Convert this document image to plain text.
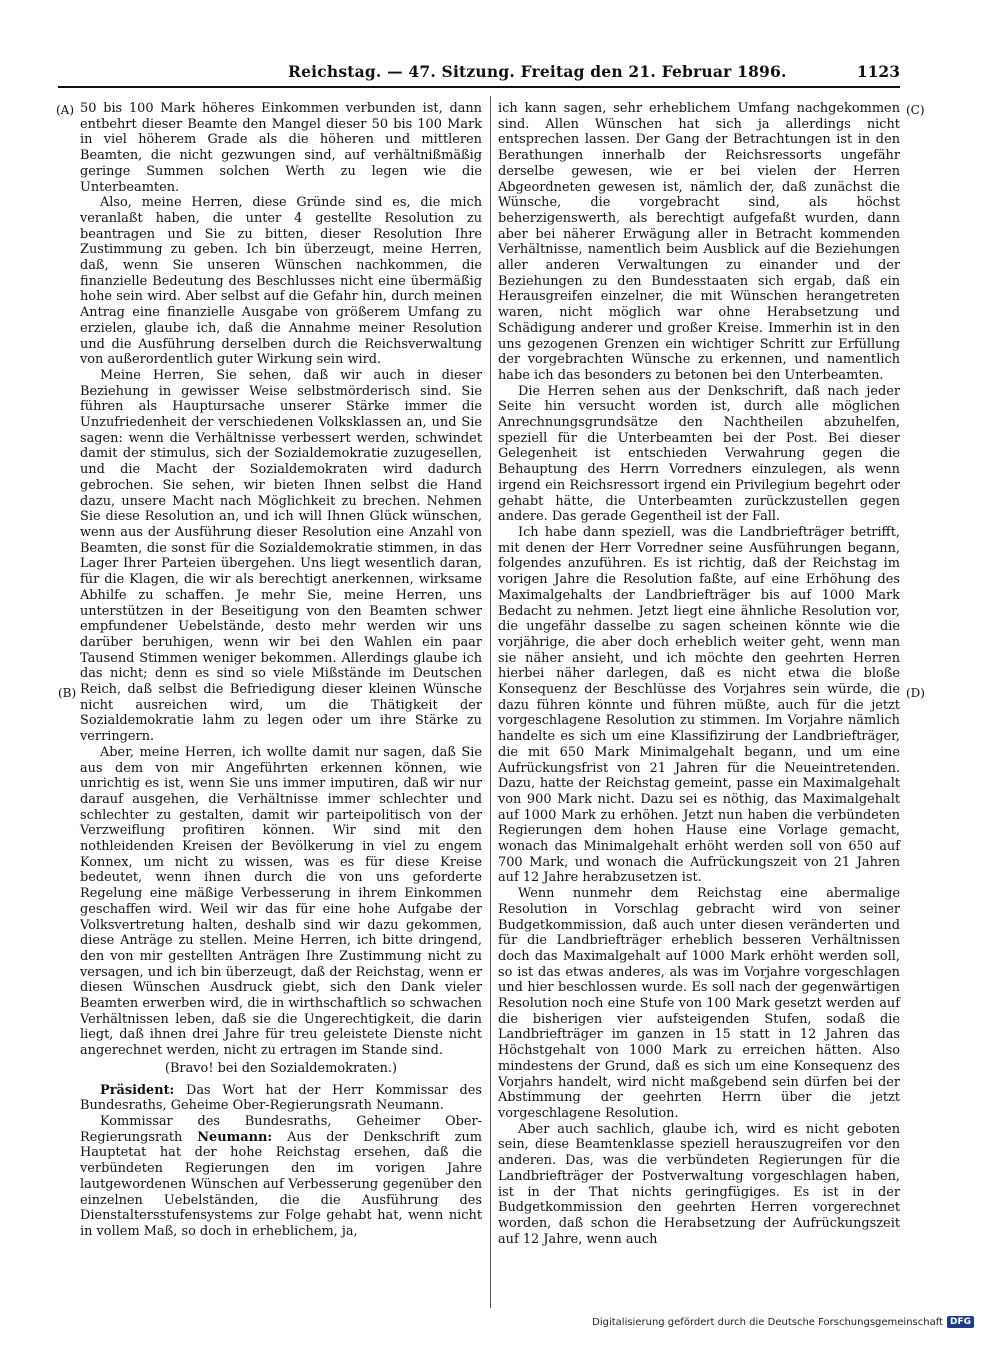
Reichstag. — 47. Sitzung. Freitag den 21. Februar 1896.	1123
(A)
(B)
(C)
(D)

50 bis 100 Mark höheres Einkommen verbunden ist, dann entbehrt dieser Beamte den Mangel dieser 50 bis 100 Mark in viel höherem Grade als die höheren und mittleren Beamten, die nicht gezwungen sind, auf verhältnißmäßig geringe Summen solchen Werth zu legen wie die Unterbeamten.

Also, meine Herren, diese Gründe sind es, die mich veranlaßt haben, die unter 4 gestellte Resolution zu beantragen und Sie zu bitten, dieser Resolution Ihre Zustimmung zu geben. Ich bin überzeugt, meine Herren, daß, wenn Sie unseren Wünschen nachkommen, die finanzielle Bedeutung des Beschlusses nicht eine übermäßig hohe sein wird. Aber selbst auf die Gefahr hin, durch meinen Antrag eine finanzielle Ausgabe von größerem Umfang zu erzielen, glaube ich, daß die Annahme meiner Resolution und die Ausführung derselben durch die Reichsverwaltung von außerordentlich guter Wirkung sein wird.

Meine Herren, Sie sehen, daß wir auch in dieser Beziehung in gewisser Weise selbstmörderisch sind. Sie führen als Hauptursache unserer Stärke immer die Unzufriedenheit der verschiedenen Volksklassen an, und Sie sagen: wenn die Verhältnisse verbessert werden, schwindet damit der stimulus, sich der Sozialdemokratie zuzugesellen, und die Macht der Sozialdemokraten wird dadurch gebrochen. Sie sehen, wir bieten Ihnen selbst die Hand dazu, unsere Macht nach Möglichkeit zu brechen. Nehmen Sie diese Resolution an, und ich will Ihnen Glück wünschen, wenn aus der Ausführung dieser Resolution eine Anzahl von Beamten, die sonst für die Sozialdemokratie stimmen, in das Lager Ihrer Parteien übergehen. Uns liegt wesentlich daran, für die Klagen, die wir als berechtigt anerkennen, wirksame Abhilfe zu schaffen. Je mehr Sie, meine Herren, uns unterstützen in der Beseitigung von den Beamten schwer empfundener Uebelstände, desto mehr werden wir uns darüber beruhigen, wenn wir bei den Wahlen ein paar Tausend Stimmen weniger bekommen. Allerdings glaube ich das nicht; denn es sind so viele Mißstände im Deutschen Reich, daß selbst die Befriedigung dieser kleinen Wünsche nicht ausreichen wird, um die Thätigkeit der Sozialdemokratie lahm zu legen oder um ihre Stärke zu verringern.

Aber, meine Herren, ich wollte damit nur sagen, daß Sie aus dem von mir Angeführten erkennen können, wie unrichtig es ist, wenn Sie uns immer imputiren, daß wir nur darauf ausgehen, die Verhältnisse immer schlechter und schlechter zu gestalten, damit wir parteipolitisch von der Verzweiflung profitiren können. Wir sind mit den nothleidenden Kreisen der Bevölkerung in viel zu engem Konnex, um nicht zu wissen, was es für diese Kreise bedeutet, wenn ihnen durch die von uns geforderte Regelung eine mäßige Verbesserung in ihrem Einkommen geschaffen wird. Weil wir das für eine hohe Aufgabe der Volksvertretung halten, deshalb sind wir dazu gekommen, diese Anträge zu stellen. Meine Herren, ich bitte dringend, den von mir gestellten Anträgen Ihre Zustimmung nicht zu versagen, und ich bin überzeugt, daß der Reichstag, wenn er diesen Wünschen Ausdruck giebt, sich den Dank vieler Beamten erwerben wird, die in wirthschaftlich so schwachen Verhältnissen leben, daß sie die Ungerechtigkeit, die darin liegt, daß ihnen drei Jahre für treu geleistete Dienste nicht angerechnet werden, nicht zu ertragen im Stande sind.

(Bravo! bei den Sozialdemokraten.)

Präsident: Das Wort hat der Herr Kommissar des Bundesraths, Geheime Ober-Regierungsrath Neumann.

Kommissar des Bundesraths, Geheimer Ober-Regierungsrath Neumann: Aus der Denkschrift zum Hauptetat hat der hohe Reichstag ersehen, daß die verbündeten Regierungen den im vorigen Jahre lautgewordenen Wünschen auf Verbesserung gegenüber den einzelnen Uebelständen, die die Ausführung des Dienstaltersstufensystems zur Folge gehabt hat, wenn nicht in vollem Maß, so doch in erheblichem, ja,

ich kann sagen, sehr erheblichem Umfang nachgekommen sind. Allen Wünschen hat sich ja allerdings nicht entsprechen lassen. Der Gang der Betrachtungen ist in den Berathungen innerhalb der Reichsressorts ungefähr derselbe gewesen, wie er bei vielen der Herren Abgeordneten gewesen ist, nämlich der, daß zunächst die Wünsche, die vorgebracht sind, als höchst beherzigenswerth, als berechtigt aufgefaßt wurden, dann aber bei näherer Erwägung aller in Betracht kommenden Verhältnisse, namentlich beim Ausblick auf die Beziehungen aller anderen Verwaltungen zu einander und der Beziehungen zu den Bundesstaaten sich ergab, daß ein Herausgreifen einzelner, die mit Wünschen herangetreten waren, nicht möglich war ohne Herabsetzung und Schädigung anderer und großer Kreise. Immerhin ist in den uns gezogenen Grenzen ein wichtiger Schritt zur Erfüllung der vorgebrachten Wünsche zu erkennen, und namentlich habe ich das besonders zu betonen bei den Unterbeamten.

Die Herren sehen aus der Denkschrift, daß nach jeder Seite hin versucht worden ist, durch alle möglichen Anrechnungsgrundsätze den Nachtheilen abzuhelfen, speziell für die Unterbeamten bei der Post. Bei dieser Gelegenheit ist entschieden Verwahrung gegen die Behauptung des Herrn Vorredners einzulegen, als wenn irgend ein Reichsressort irgend ein Privilegium begehrt oder gehabt hätte, die Unterbeamten zurückzustellen gegen andere. Das gerade Gegentheil ist der Fall.

Ich habe dann speziell, was die Landbriefträger betrifft, mit denen der Herr Vorredner seine Ausführungen begann, folgendes anzuführen. Es ist richtig, daß der Reichstag im vorigen Jahre die Resolution faßte, auf eine Erhöhung des Maximalgehalts der Landbriefträger bis auf 1000 Mark Bedacht zu nehmen. Jetzt liegt eine ähnliche Resolution vor, die ungefähr dasselbe zu sagen scheinen könnte wie die vorjährige, die aber doch erheblich weiter geht, wenn man sie näher ansieht, und ich möchte den geehrten Herren hierbei näher darlegen, daß es nicht etwa die bloße Konsequenz der Beschlüsse des Vorjahres sein würde, die dazu führen könnte und führen müßte, auch für die jetzt vorgeschlagene Resolution zu stimmen. Im Vorjahre nämlich handelte es sich um eine Klassifizirung der Landbriefträger, die mit 650 Mark Minimalgehalt begann, und um eine Aufrückungsfrist von 21 Jahren für die Neueintretenden. Dazu, hatte der Reichstag gemeint, passe ein Maximalgehalt von 900 Mark nicht. Dazu sei es nöthig, das Maximalgehalt auf 1000 Mark zu erhöhen. Jetzt nun haben die verbündeten Regierungen dem hohen Hause eine Vorlage gemacht, wonach das Minimalgehalt erhöht werden soll von 650 auf 700 Mark, und wonach die Aufrückungszeit von 21 Jahren auf 12 Jahre herabzusetzen ist.

Wenn nunmehr dem Reichstag eine abermalige Resolution in Vorschlag gebracht wird von seiner Budgetkommission, daß auch unter diesen veränderten und für die Landbriefträger erheblich besseren Verhältnissen doch das Maximalgehalt auf 1000 Mark erhöht werden soll, so ist das etwas anderes, als was im Vorjahre vorgeschlagen und hier beschlossen wurde. Es soll nach der gegenwärtigen Resolution noch eine Stufe von 100 Mark gesetzt werden auf die bisherigen vier aufsteigenden Stufen, sodaß die Landbriefträger im ganzen in 15 statt in 12 Jahren das Höchstgehalt von 1000 Mark zu erreichen hätten. Also mindestens der Grund, daß es sich um eine Konsequenz des Vorjahrs handelt, wird nicht maßgebend sein dürfen bei der Abstimmung der geehrten Herrn über die jetzt vorgeschlagene Resolution.

Aber auch sachlich, glaube ich, wird es nicht geboten sein, diese Beamtenklasse speziell herauszugreifen vor den anderen. Das, was die verbündeten Regierungen für die Landbriefträger der Postverwaltung vorgeschlagen haben, ist in der That nichts geringfügiges. Es ist in der Budgetkommission den geehrten Herren vorgerechnet worden, daß schon die Herabsetzung der Aufrückungszeit auf 12 Jahre, wenn auch

Digitalisierung gefördert durch die Deutsche Forschungsgemeinschaft DFG
